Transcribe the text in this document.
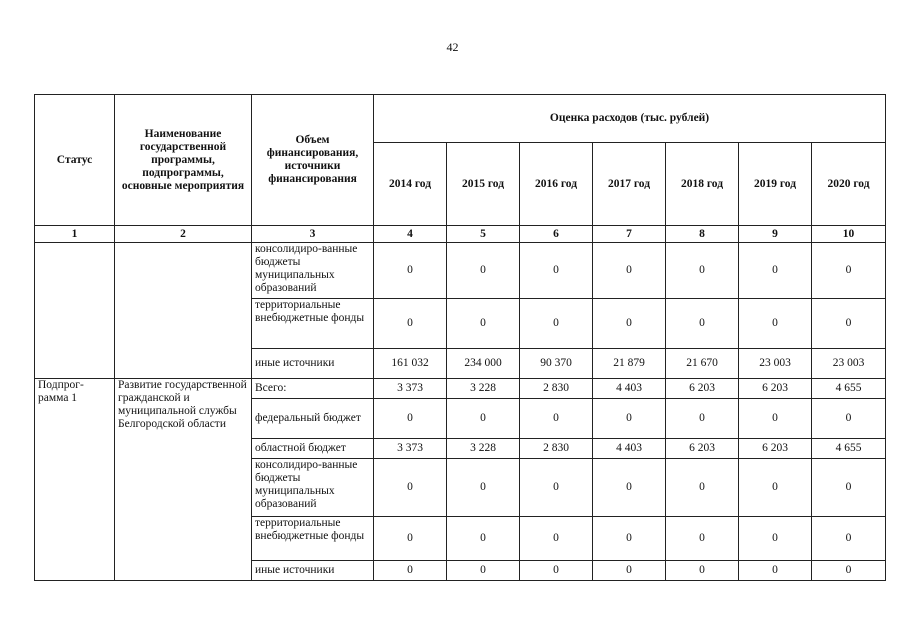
42
Статус	Наименование государственной программы, подпрограммы, основные мероприятия	Объем финансирования, источники финансирования	Оценка расходов (тыс. рублей)						
			2014 год	2015 год	2016 год	2017 год	2018 год	2019 год	2020 год
1	2	3	4	5	6	7	8	9	10
		консолидиро-ванные бюджеты муниципальных образований	0	0	0	0	0	0	0
		территориальные внебюджетные фонды	0	0	0	0	0	0	0
		иные источники	161 032	234 000	90 370	21 879	21 670	23 003	23 003
Подпрог-рамма 1	Развитие государственной гражданской и муниципальной службы Белгородской области	Всего:	3 373	3 228	2 830	4 403	6 203	6 203	4 655
		федеральный бюджет	0	0	0	0	0	0	0
		областной бюджет	3 373	3 228	2 830	4 403	6 203	6 203	4 655
		консолидиро-ванные бюджеты муниципальных образований	0	0	0	0	0	0	0
		территориальные внебюджетные фонды	0	0	0	0	0	0	0
		иные источники	0	0	0	0	0	0	0
